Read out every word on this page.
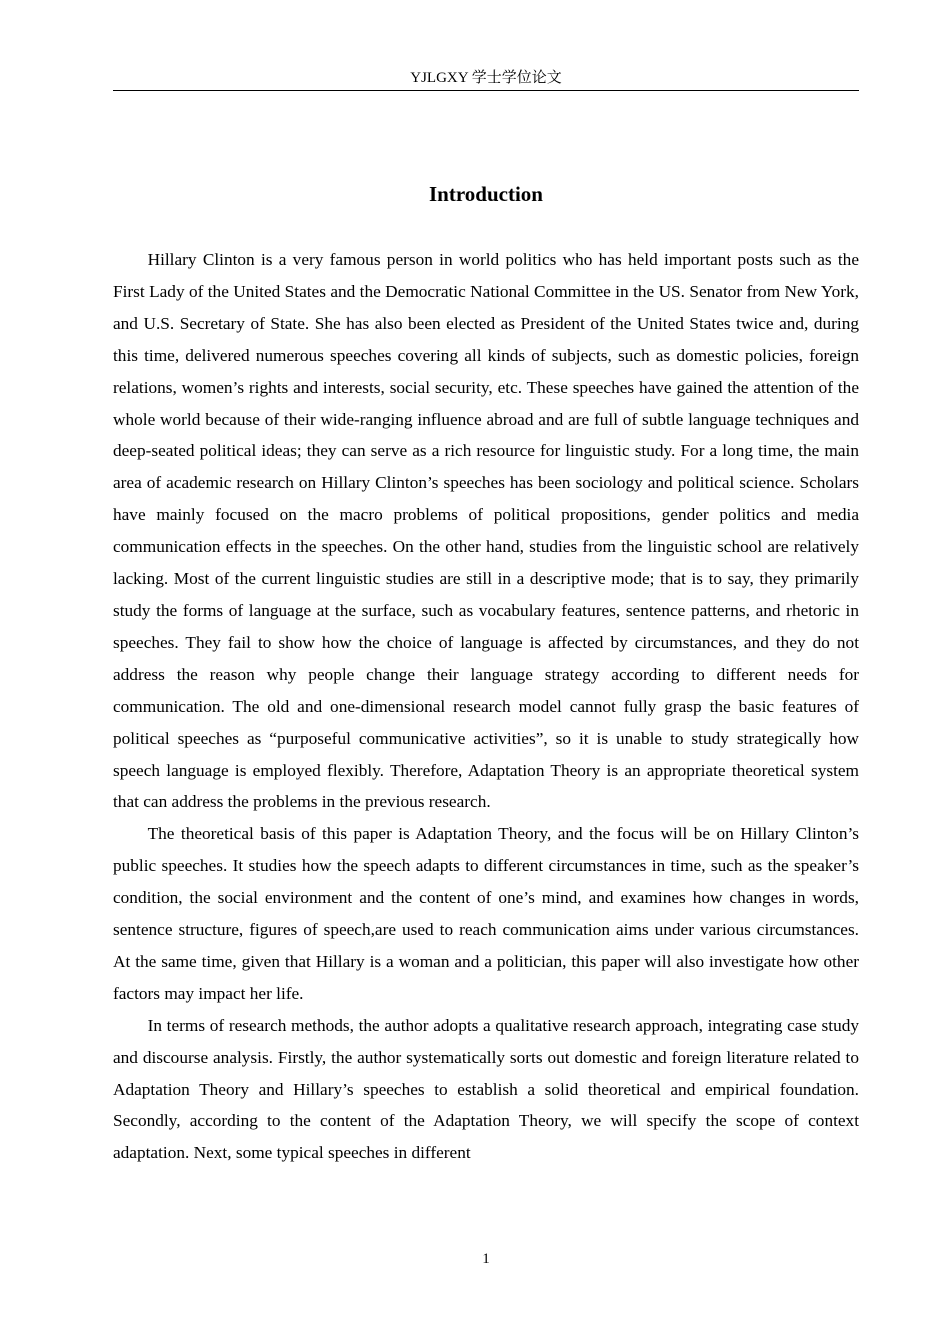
YJLGXY 学士学位论文
Introduction

Hillary Clinton is a very famous person in world politics who has held important posts such as the First Lady of the United States and the Democratic National Committee in the US. Senator from New York, and U.S. Secretary of State. She has also been elected as President of the United States twice and, during this time, delivered numerous speeches covering all kinds of subjects, such as domestic policies, foreign relations, women’s rights and interests, social security, etc. These speeches have gained the attention of the whole world because of their wide-ranging influence abroad and are full of subtle language techniques and deep-seated political ideas; they can serve as a rich resource for linguistic study. For a long time, the main area of academic research on Hillary Clinton’s speeches has been sociology and political science. Scholars have mainly focused on the macro problems of political propositions, gender politics and media communication effects in the speeches. On the other hand, studies from the linguistic school are relatively lacking. Most of the current linguistic studies are still in a descriptive mode; that is to say, they primarily study the forms of language at the surface, such as vocabulary features, sentence patterns, and rhetoric in speeches. They fail to show how the choice of language is affected by circumstances, and they do not address the reason why people change their language strategy according to different needs for communication. The old and one-dimensional research model cannot fully grasp the basic features of political speeches as “purposeful communicative activities”, so it is unable to study strategically how speech language is employed flexibly. Therefore, Adaptation Theory is an appropriate theoretical system that can address the problems in the previous research.

The theoretical basis of this paper is Adaptation Theory, and the focus will be on Hillary Clinton’s public speeches. It studies how the speech adapts to different circumstances in time, such as the speaker’s condition, the social environment and the content of one’s mind, and examines how changes in words, sentence structure, figures of speech,are used to reach communication aims under various circumstances. At the same time, given that Hillary is a woman and a politician, this paper will also investigate how other factors may impact her life.

In terms of research methods, the author adopts a qualitative research approach, integrating case study and discourse analysis. Firstly, the author systematically sorts out domestic and foreign literature related to Adaptation Theory and Hillary’s speeches to establish a solid theoretical and empirical foundation. Secondly, according to the content of the Adaptation Theory, we will specify the scope of context adaptation. Next, some typical speeches in different

1
